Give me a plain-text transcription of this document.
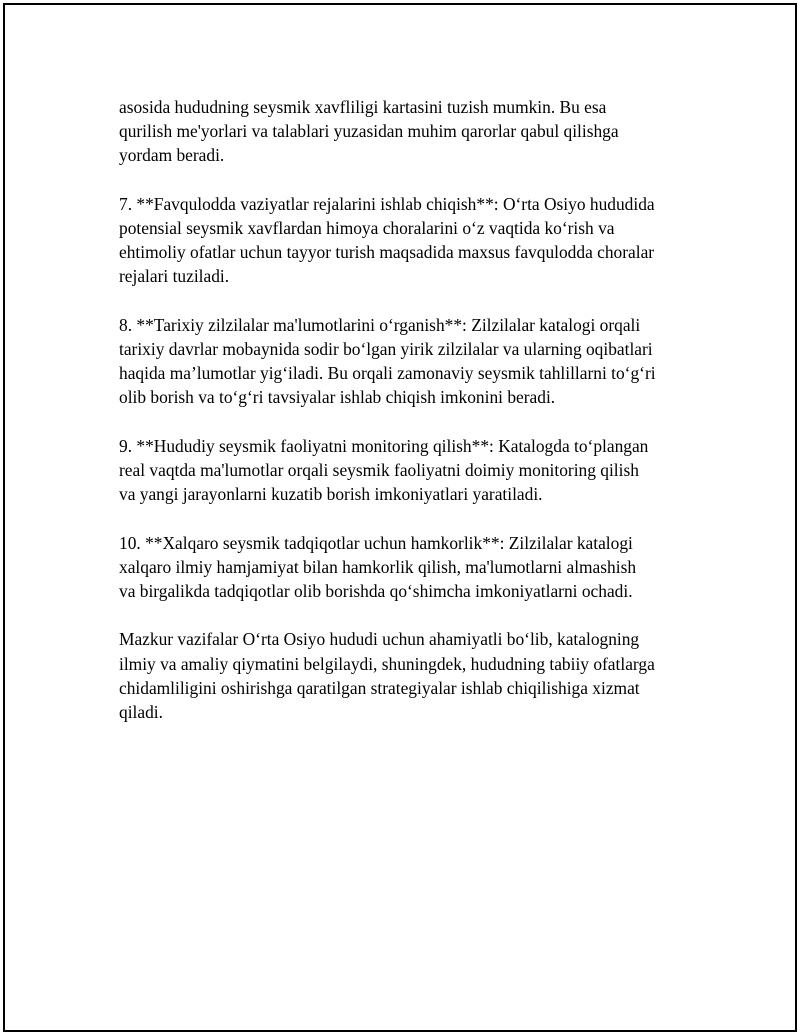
asosida hududning seysmik xavfliligi kartasini tuzish mumkin. Bu esa
qurilish me'yorlari va talablari yuzasidan muhim qarorlar qabul qilishga
yordam beradi.

7. **Favqulodda vaziyatlar rejalarini ishlab chiqish**: O‘rta Osiyo hududida
potensial seysmik xavflardan himoya choralarini o‘z vaqtida ko‘rish va
ehtimoliy ofatlar uchun tayyor turish maqsadida maxsus favqulodda choralar
rejalari tuziladi.

8. **Tarixiy zilzilalar ma'lumotlarini o‘rganish**: Zilzilalar katalogi orqali
tarixiy davrlar mobaynida sodir bo‘lgan yirik zilzilalar va ularning oqibatlari
haqida ma’lumotlar yig‘iladi. Bu orqali zamonaviy seysmik tahlillarni to‘g‘ri
olib borish va to‘g‘ri tavsiyalar ishlab chiqish imkonini beradi.

9. **Hududiy seysmik faoliyatni monitoring qilish**: Katalogda to‘plangan
real vaqtda ma'lumotlar orqali seysmik faoliyatni doimiy monitoring qilish
va yangi jarayonlarni kuzatib borish imkoniyatlari yaratiladi.

10. **Xalqaro seysmik tadqiqotlar uchun hamkorlik**: Zilzilalar katalogi
xalqaro ilmiy hamjamiyat bilan hamkorlik qilish, ma'lumotlarni almashish
va birgalikda tadqiqotlar olib borishda qo‘shimcha imkoniyatlarni ochadi.

Mazkur vazifalar O‘rta Osiyo hududi uchun ahamiyatli bo‘lib, katalogning
ilmiy va amaliy qiymatini belgilaydi, shuningdek, hududning tabiiy ofatlarga
chidamliligini oshirishga qaratilgan strategiyalar ishlab chiqilishiga xizmat
qiladi.
